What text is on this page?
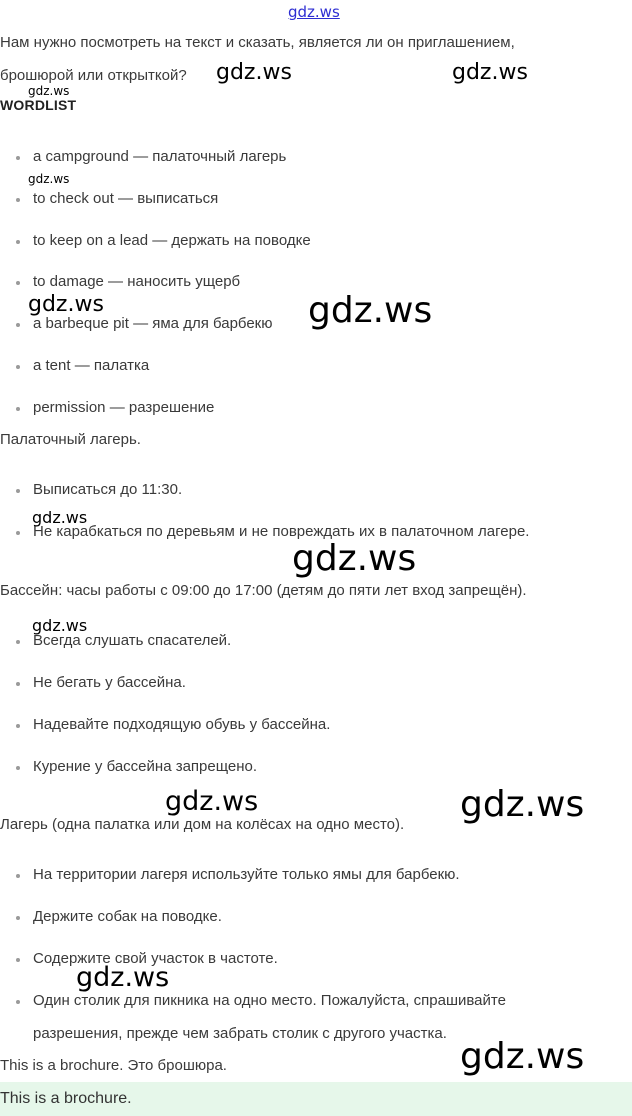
gdz.ws
Нам нужно посмотреть на текст и сказать, является ли он приглашением,
брошюрой или открыткой?
WORDLIST
a campground — палаточный лагерь
to check out — выписаться
to keep on a lead — держать на поводке
to damage — наносить ущерб
a barbeque pit — яма для барбекю
a tent — палатка
permission — разрешение
Палаточный лагерь.
Выписаться до 11:30.
Не карабкаться по деревьям и не повреждать их в палаточном лагере.
Бассейн: часы работы с 09:00 до 17:00 (детям до пяти лет вход запрещён).
Всегда слушать спасателей.
Не бегать у бассейна.
Надевайте подходящую обувь у бассейна.
Курение у бассейна запрещено.
Лагерь (одна палатка или дом на колёсах на одно место).
На территории лагеря используйте только ямы для барбекю.
Держите собак на поводке.
Содержите свой участок в частоте.
Один столик для пикника на одно место. Пожалуйста, спрашивайте
разрешения, прежде чем забрать столик с другого участка.
This is a brochure. Это брошюра.
This is a brochure.
gdz.ws	gdz.ws
gdz.ws
gdz.ws
gdz.ws	gdz.ws
gdz.ws
gdz.ws
gdz.ws
gdz.ws	gdz.ws
gdz.ws
gdz.ws
